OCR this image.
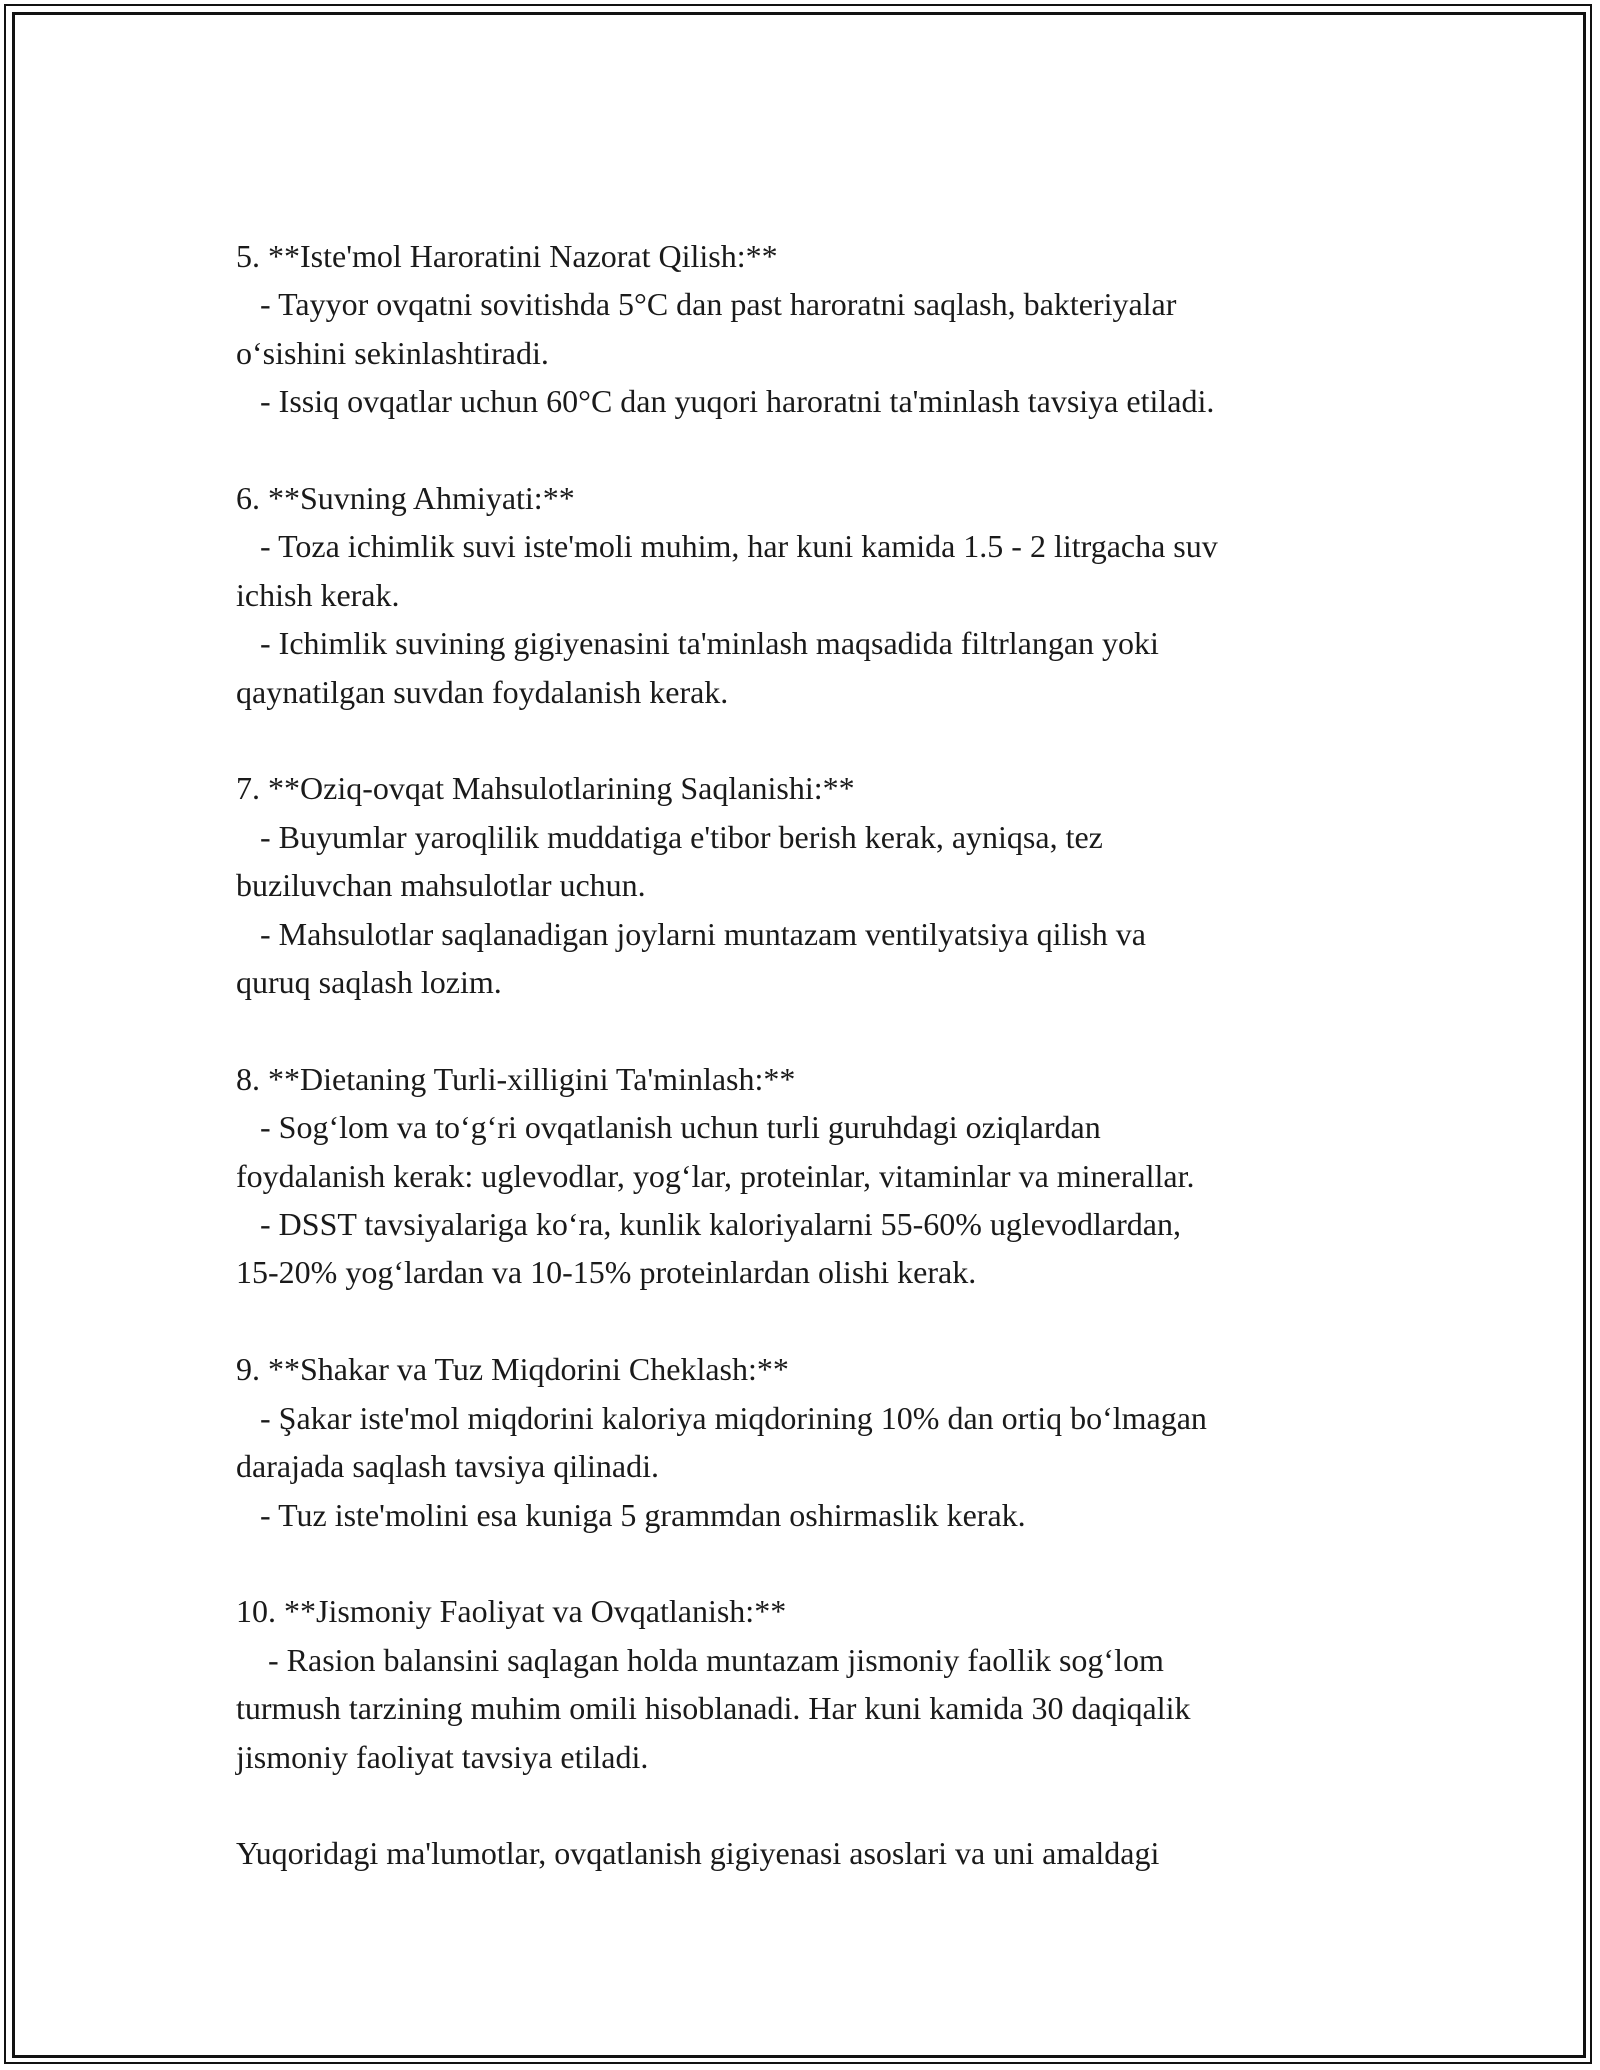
5. **Iste'mol Haroratini Nazorat Qilish:**

- Tayyor ovqatni sovitishda 5°C dan past haroratni saqlash, bakteriyalar

o‘sishini sekinlashtiradi.

- Issiq ovqatlar uchun 60°C dan yuqori haroratni ta'minlash tavsiya etiladi.

6. **Suvning Ahmiyati:**

- Toza ichimlik suvi iste'moli muhim, har kuni kamida 1.5 - 2 litrgacha suv

ichish kerak.

- Ichimlik suvining gigiyenasini ta'minlash maqsadida filtrlangan yoki

qaynatilgan suvdan foydalanish kerak.

7. **Oziq-ovqat Mahsulotlarining Saqlanishi:**

- Buyumlar yaroqlilik muddatiga e'tibor berish kerak, ayniqsa, tez

buziluvchan mahsulotlar uchun.

- Mahsulotlar saqlanadigan joylarni muntazam ventilyatsiya qilish va

quruq saqlash lozim.

8. **Dietaning Turli-xilligini Ta'minlash:**

- Sog‘lom va to‘g‘ri ovqatlanish uchun turli guruhdagi oziqlardan

foydalanish kerak: uglevodlar, yog‘lar, proteinlar, vitaminlar va minerallar.

- DSST tavsiyalariga ko‘ra, kunlik kaloriyalarni 55-60% uglevodlardan,

15-20% yog‘lardan va 10-15% proteinlardan olishi kerak.

9. **Shakar va Tuz Miqdorini Cheklash:**

- Şakar iste'mol miqdorini kaloriya miqdorining 10% dan ortiq bo‘lmagan

darajada saqlash tavsiya qilinadi.

- Tuz iste'molini esa kuniga 5 grammdan oshirmaslik kerak.

10. **Jismoniy Faoliyat va Ovqatlanish:**

- Rasion balansini saqlagan holda muntazam jismoniy faollik sog‘lom

turmush tarzining muhim omili hisoblanadi. Har kuni kamida 30 daqiqalik

jismoniy faoliyat tavsiya etiladi.

Yuqoridagi ma'lumotlar, ovqatlanish gigiyenasi asoslari va uni amaldagi
